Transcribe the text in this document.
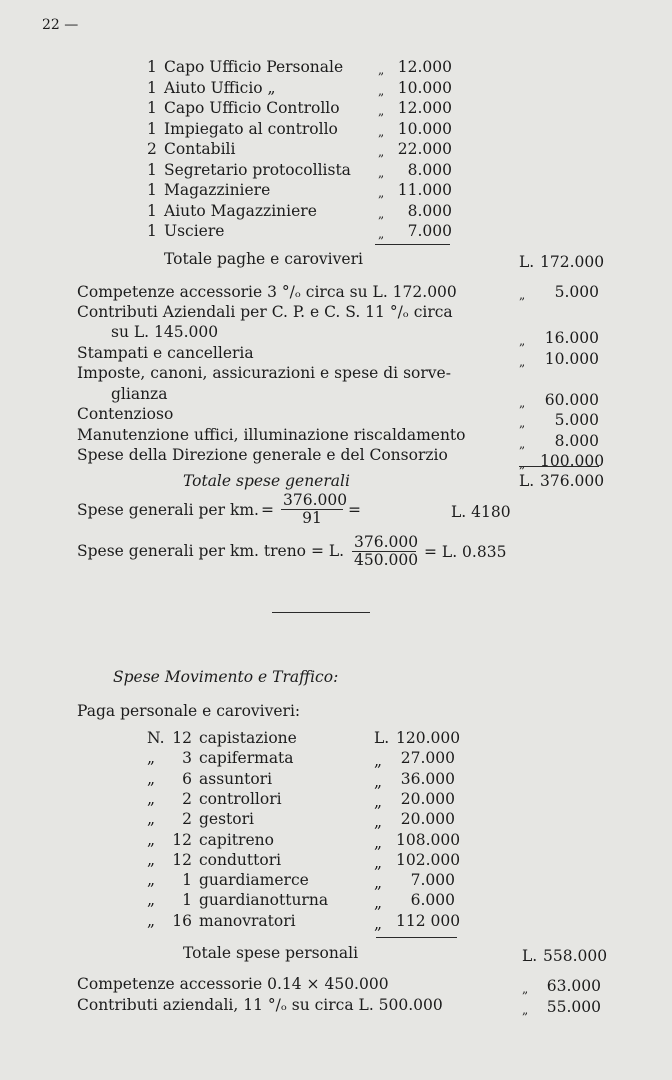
22 —
1 Capo Ufficio Personale	„ 12.000
1 Aiuto Ufficio „	„ 10.000
1 Capo Ufficio Controllo	„ 12.000
1 Impiegato al controllo	„ 10.000
2 Contabili	„ 22.000
1 Segretario protocollista „	8.000
1 Magazziniere	„ 11.000
1 Aiuto Magazziniere	„	8.000
1 Usciere	„	7.000
Totale paghe e caroviveri	L. 172.000
Competenze accessorie 3 °/ₒ circa su L. 172.000	„	5.000
Contributi Aziendali per C. P. e C. S. 11 °/ₒ circa
su L. 145.000	„	16.000
Stampati e cancelleria	„	10.000
Imposte, canoni, assicurazioni e spese di sorve-
glianza	„	60.000
Contenzioso	„	5.000
Manutenzione uffici, illuminazione riscaldamento	„	8.000
Spese della Direzione generale e del Consorzio	„ 100.000
Totale spese generali	L. 376.000
Spese generali per km. = $\frac{376.000}{91}$ =	L. 4180
Spese generali per km. treno = L. $\frac{376.000}{450.000} = L$. 0.835
Spese Movimento e Traffico:
Paga personale e caroviveri:
N. 12 capistazione	L. 120.000
„	3 capifermata	„	27.000
„	6 assuntori	„	36.000
„	2 controllori	„	20.000
„	2 gestori	„	20.000
„	12 capitreno	„ 108.000
„	12 conduttori	„ 102.000
„	1 guardiamerce	„	7.000
„	1 guardianotturna	„	6.000
„	16 manovratori	„ 112 000
Totale spese personali	L. 558.000
Competenze accessorie 0.14 × 450.000	„ 63.000
Contributi aziendali, 11 °/ₒ su circa L. 500.000	„ 55.000
